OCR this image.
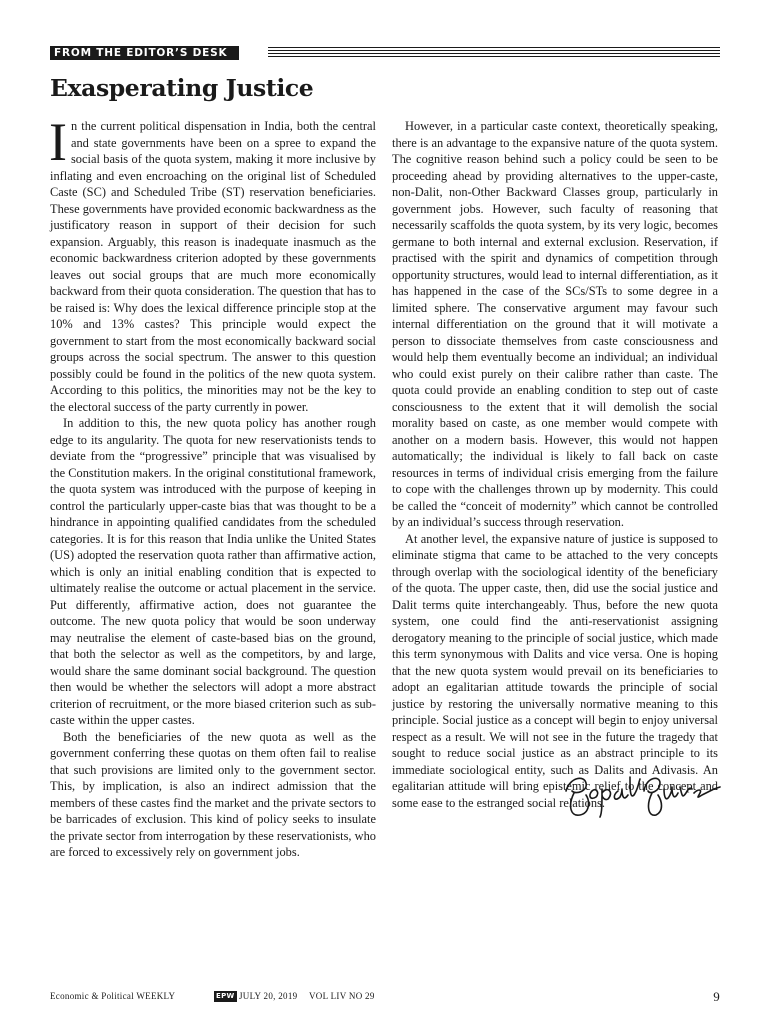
FROM THE EDITOR’S DESK
Exasperating Justice

In the current political dispensation in India, both the central and state governments have been on a spree to expand the social basis of the quota system, making it more inclusive by inflating and even encroaching on the original list of Scheduled Caste (SC) and Scheduled Tribe (ST) reservation beneficiaries. These governments have provided economic backwardness as the justificatory reason in support of their decision for such expansion. Arguably, this reason is inadequate inasmuch as the economic backwardness criterion adopted by these governments leaves out social groups that are much more economically backward from their quota consideration. The question that has to be raised is: Why does the lexical difference principle stop at the 10% and 13% castes? This principle would expect the government to start from the most economically backward social groups across the social spectrum. The answer to this question possibly could be found in the politics of the new quota system. According to this politics, the minorities may not be the key to the electoral success of the party currently in power.

In addition to this, the new quota policy has another rough edge to its angularity. The quota for new reservationists tends to deviate from the “progressive” principle that was visualised by the Constitution makers. In the original constitutional framework, the quota system was introduced with the purpose of keeping in control the particularly upper-caste bias that was thought to be a hindrance in appointing qualified candidates from the scheduled categories. It is for this reason that India unlike the United States (US) adopted the reservation quota rather than affirmative action, which is only an initial enabling condition that is expected to ultimately realise the outcome or actual placement in the service. Put differently, affirmative action, does not guarantee the outcome. The new quota policy that would be soon underway may neutralise the element of caste-based bias on the ground, that both the selector as well as the competitors, by and large, would share the same dominant social background. The question then would be whether the selectors will adopt a more abstract criterion of recruitment, or the more biased criterion such as sub-caste within the upper castes.

Both the beneficiaries of the new quota as well as the government conferring these quotas on them often fail to realise that such provisions are limited only to the government sector. This, by implication, is also an indirect admission that the members of these castes find the market and the private sectors to be barricades of exclusion. This kind of policy seeks to insulate the private sector from interrogation by these reservationists, who are forced to excessively rely on government jobs.

However, in a particular caste context, theoretically speaking, there is an advantage to the expansive nature of the quota system. The cognitive reason behind such a policy could be seen to be proceeding ahead by providing alternatives to the upper-caste, non-Dalit, non-Other Backward Classes group, particularly in government jobs. However, such faculty of reasoning that necessarily scaffolds the quota system, by its very logic, becomes germane to both internal and external exclusion. Reservation, if practised with the spirit and dynamics of competition through opportunity structures, would lead to internal differentiation, as it has happened in the case of the SCs/STs to some degree in a limited sphere. The conservative argument may favour such internal differentiation on the ground that it will motivate a person to dissociate themselves from caste consciousness and would help them eventually become an individual; an individual who could exist purely on their calibre rather than caste. The quota could provide an enabling condition to step out of caste consciousness to the extent that it will demolish the social morality based on caste, as one member would compete with another on a modern basis. However, this would not happen automatically; the individual is likely to fall back on caste resources in terms of individual crisis emerging from the failure to cope with the challenges thrown up by modernity. This could be called the “conceit of modernity” which cannot be controlled by an individual’s success through reservation.

At another level, the expansive nature of justice is supposed to eliminate stigma that came to be attached to the very concepts through overlap with the sociological identity of the beneficiary of the quota. The upper caste, then, did use the social justice and Dalit terms quite interchangeably. Thus, before the new quota system, one could find the anti-reservationist assigning derogatory meaning to the principle of social justice, which made this term synonymous with Dalits and vice versa. One is hoping that the new quota system would prevail on its beneficiaries to adopt an egalitarian attitude towards the principle of social justice by restoring the universally normative meaning to this principle. Social justice as a concept will begin to enjoy universal respect as a result. We will not see in the future the tragedy that sought to reduce social justice as an abstract principle to its immediate sociological entity, such as Dalits and Adivasis. An egalitarian attitude will bring epistemic relief to the concept and some ease to the estranged social relations.

Economic & Political WEEKLY	EPW JULY 20, 2019 VOL LIV NO 29	9
